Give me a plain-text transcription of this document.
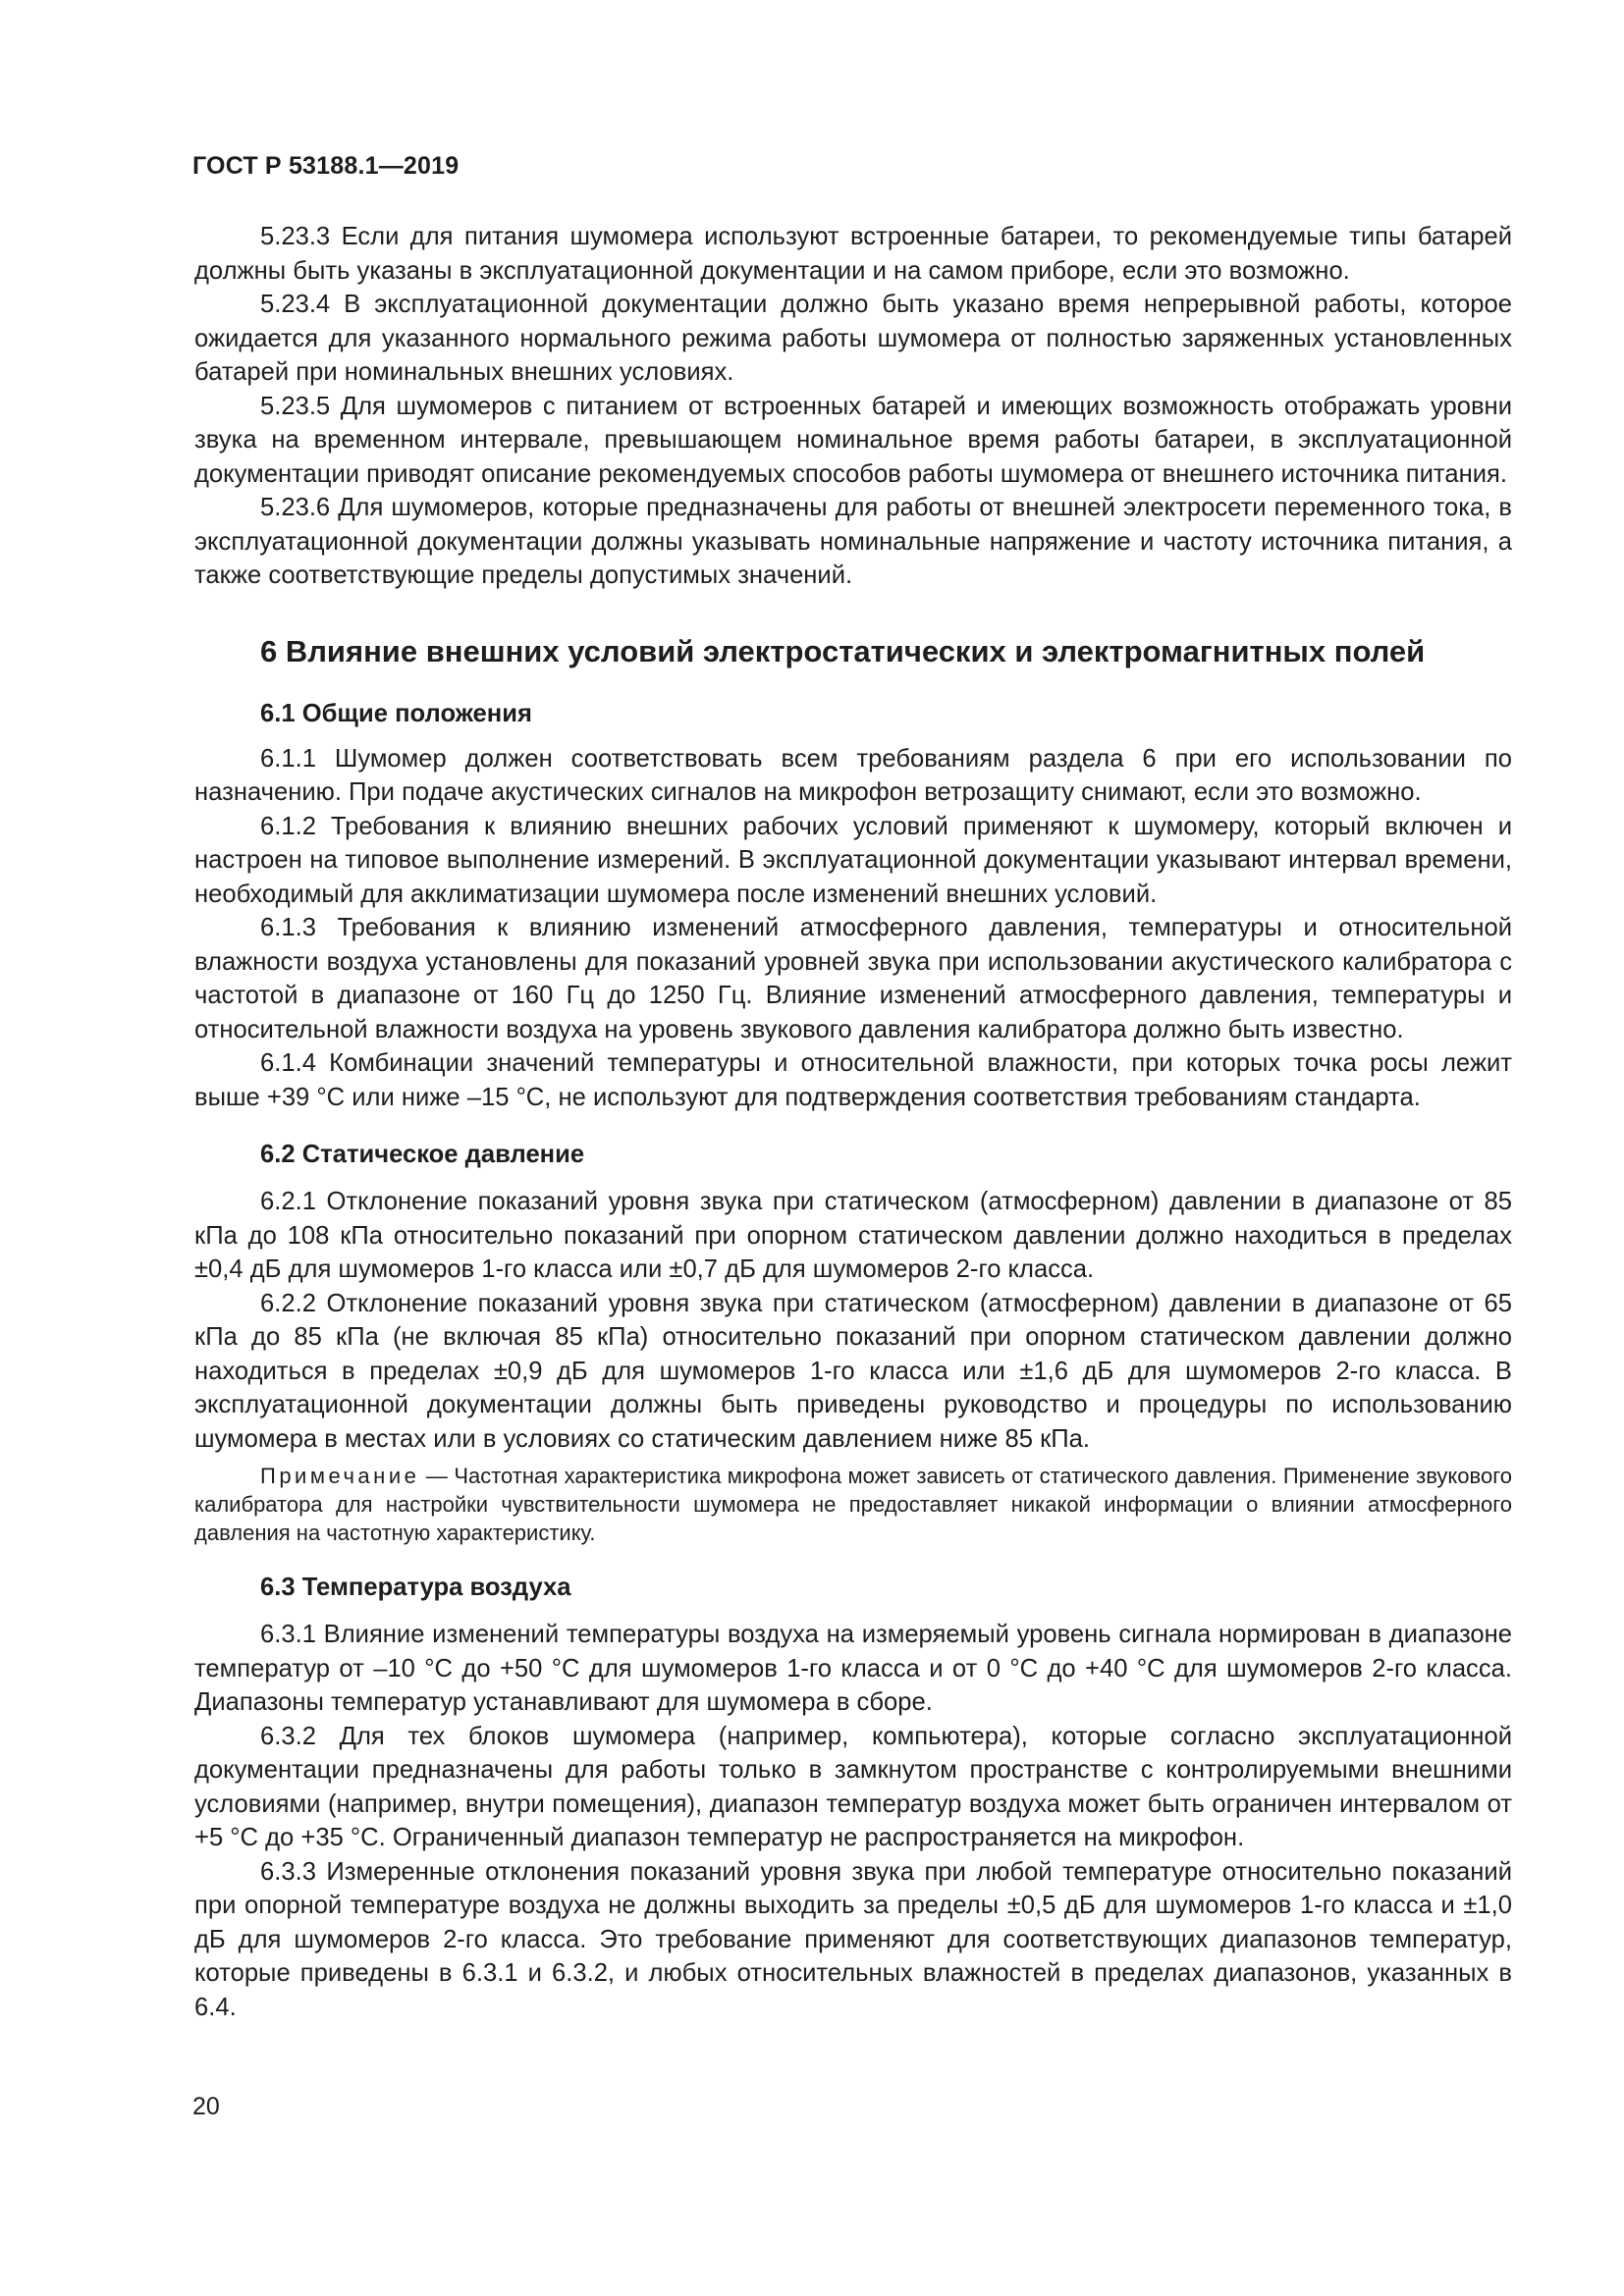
ГОСТ Р 53188.1—2019

5.23.3 Если для питания шумомера используют встроенные батареи, то рекомендуемые типы батарей должны быть указаны в эксплуатационной документации и на самом приборе, если это возможно.

5.23.4 В эксплуатационной документации должно быть указано время непрерывной работы, которое ожидается для указанного нормального режима работы шумомера от полностью заряженных установленных батарей при номинальных внешних условиях.

5.23.5 Для шумомеров с питанием от встроенных батарей и имеющих возможность отображать уровни звука на временном интервале, превышающем номинальное время работы батареи, в эксплуатационной документации приводят описание рекомендуемых способов работы шумомера от внешнего источника питания.

5.23.6 Для шумомеров, которые предназначены для работы от внешней электросети переменного тока, в эксплуатационной документации должны указывать номинальные напряжение и частоту источника питания, а также соответствующие пределы допустимых значений.

6 Влияние внешних условий электростатических и электромагнитных полей
6.1 Общие положения

6.1.1 Шумомер должен соответствовать всем требованиям раздела 6 при его использовании по назначению. При подаче акустических сигналов на микрофон ветрозащиту снимают, если это возможно.

6.1.2 Требования к влиянию внешних рабочих условий применяют к шумомеру, который включен и настроен на типовое выполнение измерений. В эксплуатационной документации указывают интервал времени, необходимый для акклиматизации шумомера после изменений внешних условий.

6.1.3 Требования к влиянию изменений атмосферного давления, температуры и относительной влажности воздуха установлены для показаний уровней звука при использовании акустического калибратора с частотой в диапазоне от 160 Гц до 1250 Гц. Влияние изменений атмосферного давления, температуры и относительной влажности воздуха на уровень звукового давления калибратора должно быть известно.

6.1.4 Комбинации значений температуры и относительной влажности, при которых точка росы лежит выше +39 °С или ниже –15 °С, не используют для подтверждения соответствия требованиям стандарта.

6.2 Статическое давление

6.2.1 Отклонение показаний уровня звука при статическом (атмосферном) давлении в диапазоне от 85 кПа до 108 кПа относительно показаний при опорном статическом давлении должно находиться в пределах ±0,4 дБ для шумомеров 1-го класса или ±0,7 дБ для шумомеров 2-го класса.

6.2.2 Отклонение показаний уровня звука при статическом (атмосферном) давлении в диапазоне от 65 кПа до 85 кПа (не включая 85 кПа) относительно показаний при опорном статическом давлении должно находиться в пределах ±0,9 дБ для шумомеров 1-го класса или ±1,6 дБ для шумомеров 2-го класса. В эксплуатационной документации должны быть приведены руководство и процедуры по использованию шумомера в местах или в условиях со статическим давлением ниже 85 кПа.

Примечание — Частотная характеристика микрофона может зависеть от статического давления. Применение звукового калибратора для настройки чувствительности шумомера не предоставляет никакой информации о влиянии атмосферного давления на частотную характеристику.

6.3 Температура воздуха

6.3.1 Влияние изменений температуры воздуха на измеряемый уровень сигнала нормирован в диапазоне температур от –10 °С до +50 °С для шумомеров 1-го класса и от 0 °С до +40 °С для шумомеров 2-го класса. Диапазоны температур устанавливают для шумомера в сборе.

6.3.2 Для тех блоков шумомера (например, компьютера), которые согласно эксплуатационной документации предназначены для работы только в замкнутом пространстве с контролируемыми внешними условиями (например, внутри помещения), диапазон температур воздуха может быть ограничен интервалом от +5 °С до +35 °С. Ограниченный диапазон температур не распространяется на микрофон.

6.3.3 Измеренные отклонения показаний уровня звука при любой температуре относительно показаний при опорной температуре воздуха не должны выходить за пределы ±0,5 дБ для шумомеров 1-го класса и ±1,0 дБ для шумомеров 2-го класса. Это требование применяют для соответствующих диапазонов температур, которые приведены в 6.3.1 и 6.3.2, и любых относительных влажностей в пределах диапазонов, указанных в 6.4.

20
